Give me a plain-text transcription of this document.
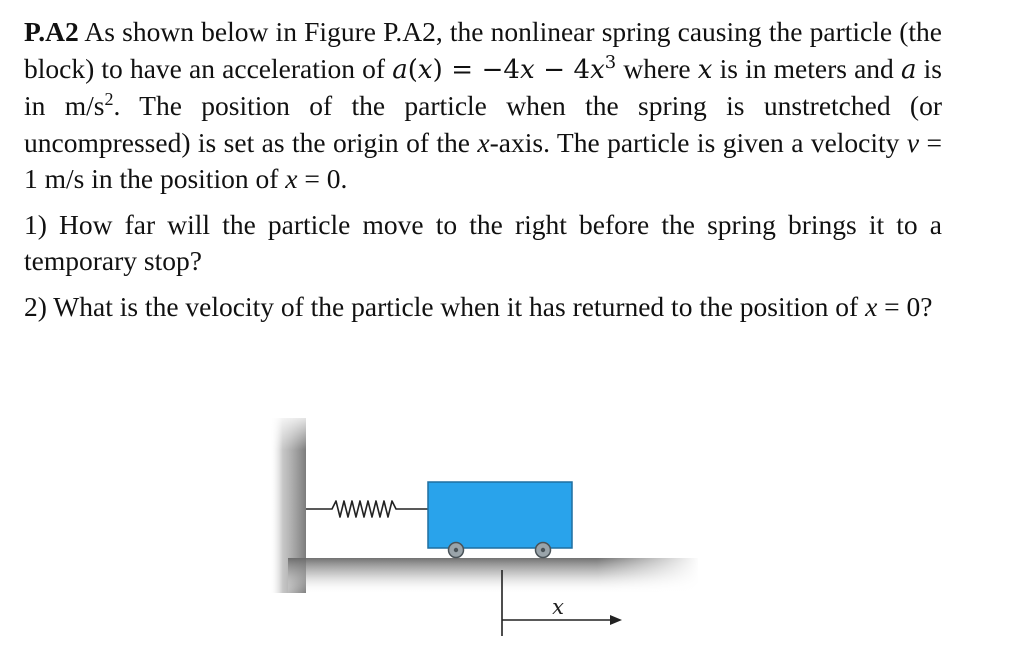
P.A2 As shown below in Figure P.A2, the nonlinear spring causing the particle (the block) to have an acceleration of $a(x) = -4x - 4x^3$ where x is in meters and a is in $m/s^2$. The position of the particle when the spring is unstretched (or uncompressed) is set as the origin of the x-axis. The particle is given a velocity v = 1 m/s in the position of x = 0.

1) How far will the particle move to the right before the spring brings it to a temporary stop?

2) What is the velocity of the particle when it has returned to the position of x = 0?

x
